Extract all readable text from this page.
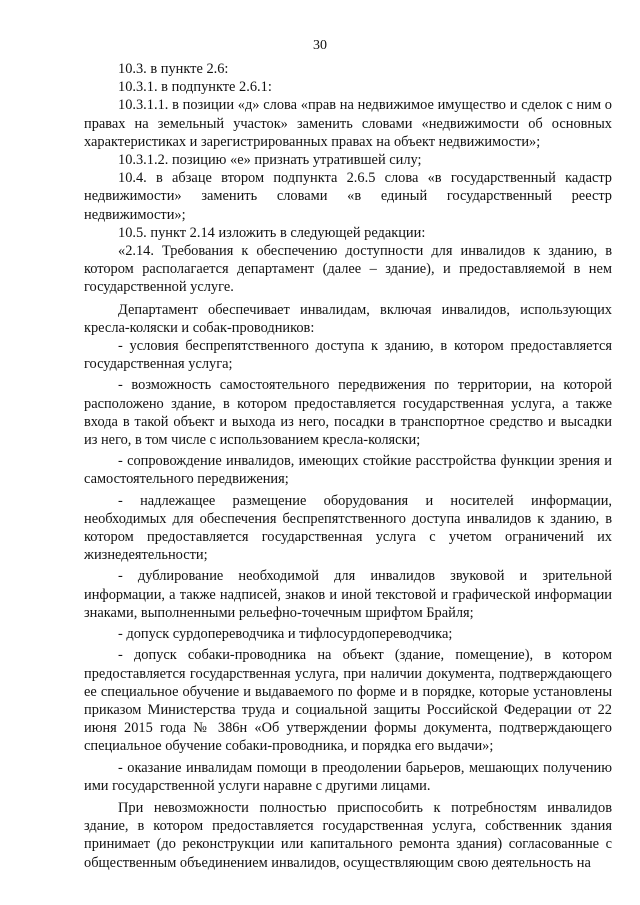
30

10.3. в пункте 2.6:

10.3.1. в подпункте 2.6.1:

10.3.1.1. в позиции «д» слова «прав на недвижимое имущество и сделок с ним о правах на земельный участок» заменить словами «недвижимости об основных характеристиках и зарегистрированных правах на объект недвижимости»;

10.3.1.2. позицию «е» признать утратившей силу;

10.4. в абзаце втором подпункта 2.6.5 слова «в государственный кадастр недвижимости» заменить словами «в единый государственный реестр недвижимости»;

10.5. пункт 2.14 изложить в следующей редакции:

«2.14. Требования к обеспечению доступности для инвалидов к зданию, в котором располагается департамент (далее – здание), и предоставляемой в нем государственной услуге.

Департамент обеспечивает инвалидам, включая инвалидов, использующих кресла-коляски и собак-проводников:

- условия беспрепятственного доступа к зданию, в котором предоставляется государственная услуга;

- возможность самостоятельного передвижения по территории, на которой расположено здание, в котором предоставляется государственная услуга, а также входа в такой объект и выхода из него, посадки в транспортное средство и высадки из него, в том числе с использованием кресла-коляски;

- сопровождение инвалидов, имеющих стойкие расстройства функции зрения и самостоятельного передвижения;

- надлежащее размещение оборудования и носителей информации, необходимых для обеспечения беспрепятственного доступа инвалидов к зданию, в котором предоставляется государственная услуга с учетом ограничений их жизнедеятельности;

- дублирование необходимой для инвалидов звуковой и зрительной информации, а также надписей, знаков и иной текстовой и графической информации знаками, выполненными рельефно-точечным шрифтом Брайля;

- допуск сурдопереводчика и тифлосурдопереводчика;

- допуск собаки-проводника на объект (здание, помещение), в котором предоставляется государственная услуга, при наличии документа, подтверждающего ее специальное обучение и выдаваемого по форме и в порядке, которые установлены приказом Министерства труда и социальной защиты Российской Федерации от 22 июня 2015 года № 386н «Об утверждении формы документа, подтверждающего специальное обучение собаки-проводника, и порядка его выдачи»;

- оказание инвалидам помощи в преодолении барьеров, мешающих получению ими государственной услуги наравне с другими лицами.

При невозможности полностью приспособить к потребностям инвалидов здание, в котором предоставляется государственная услуга, собственник здания принимает (до реконструкции или капитального ремонта здания) согласованные с общественным объединением инвалидов, осуществляющим свою деятельность на
